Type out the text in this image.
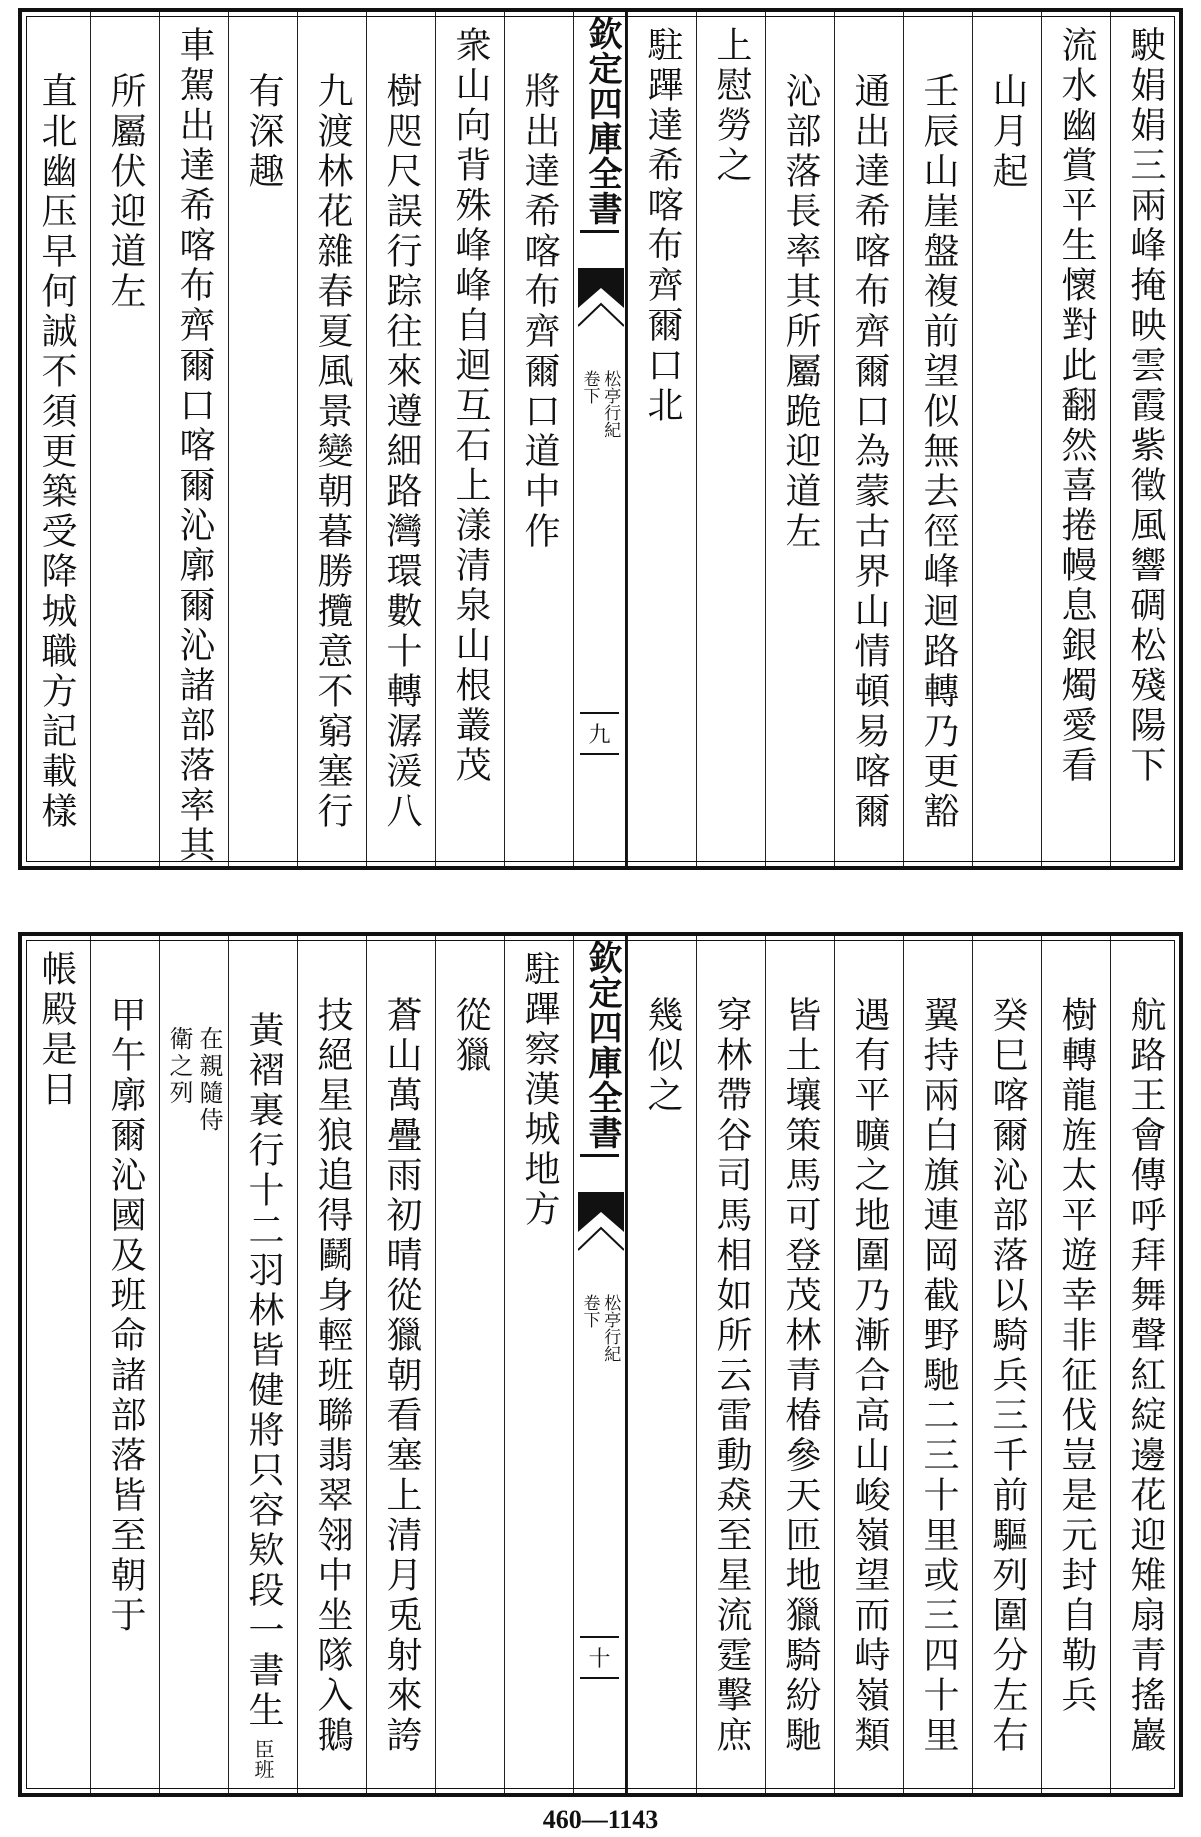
駛娟娟三兩峰掩映雲霞紫徵風響碉松殘陽下
流水幽賞平生懷對此翻然喜捲幔息銀燭愛看
山月起
壬辰山崖盤複前望似無去徑峰迴路轉乃更豁
通出達希喀布齊爾口為蒙古界山情頓易喀爾
沁部落長率其所屬跪迎道左
上慰勞之
駐蹕達希喀布齊爾口北
欽定四庫全書
松亭行紀
卷下
九
將出達希喀布齊爾口道中作
衆山向背殊峰峰自迴互石上漾清泉山根叢茂
樹咫尺誤行踪往來遵細路灣環數十轉潺湲八
九渡林花雜春夏風景變朝暮勝攬意不窮塞行
有深趣
車駕出達希喀布齊爾口喀爾沁廓爾沁諸部落率其
所屬伏迎道左
直北幽压早何誠不須更築受降城職方記載樣
航路王會傳呼拜舞聲紅綻邊花迎雉扇青搖巖
樹轉龍旌太平遊幸非征伐豈是元封自勒兵
癸巳喀爾沁部落以騎兵三千前驅列圍分左右
翼持兩白旗連岡截野馳二三十里或三四十里
遇有平曠之地圍乃漸合高山峻嶺望而峙嶺類
皆土壤策馬可登茂林青椿參天匝地獵騎紛馳
穿林帶谷司馬相如所云雷動猋至星流霆擊庶
幾似之
欽定四庫全書
松亭行紀
卷下
十
駐蹕察漢城地方
從獵
蒼山萬疊雨初晴從獵朝看塞上清月兎射來誇
技絕星狼追得鬬身輕班聯翡翠翎中坐隊入鵝
黃褶裏行十二羽林皆健將只容欵段一書生
臣班
在親隨侍
衛之列
甲午廓爾沁國及班命諸部落皆至朝于
帳殿是日
460—1143
